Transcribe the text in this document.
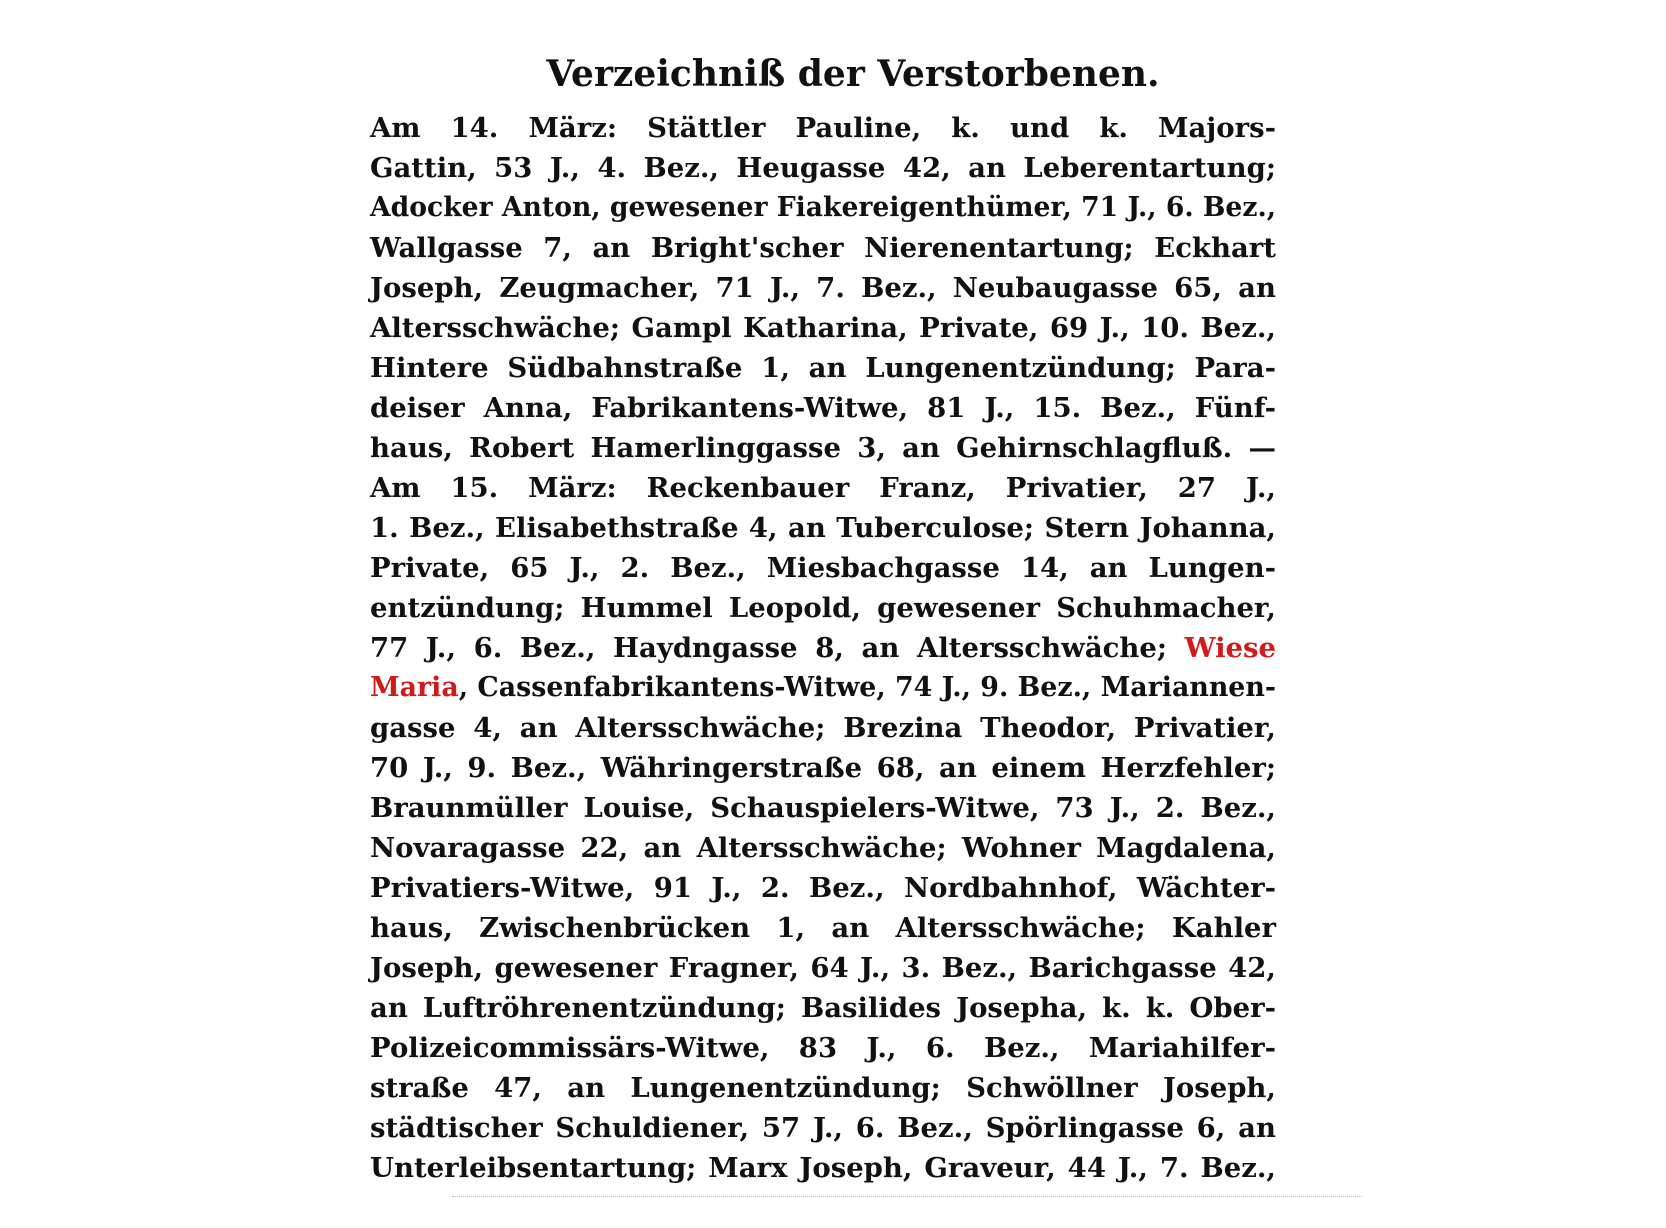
Verzeichniß der Verstorbenen.
Am 14. März: Stättler Pauline, k. und k. Majors-
Gattin, 53 J., 4. Bez., Heugasse 42, an Leberentartung;
Adocker Anton, gewesener Fiakereigenthümer, 71 J., 6. Bez.,
Wallgasse 7, an Bright'scher Nierenentartung; Eckhart
Joseph, Zeugmacher, 71 J., 7. Bez., Neubaugasse 65, an
Altersschwäche; Gampl Katharina, Private, 69 J., 10. Bez.,
Hintere Südbahnstraße 1, an Lungenentzündung; Para-
deiser Anna, Fabrikantens-Witwe, 81 J., 15. Bez., Fünf-
haus, Robert Hamerlinggasse 3, an Gehirnschlagfluß. —
Am 15. März: Reckenbauer Franz, Privatier, 27 J.,
1. Bez., Elisabethstraße 4, an Tuberculose; Stern Johanna,
Private, 65 J., 2. Bez., Miesbachgasse 14, an Lungen-
entzündung; Hummel Leopold, gewesener Schuhmacher,
77 J., 6. Bez., Haydngasse 8, an Altersschwäche; Wiese
Maria, Cassenfabrikantens-Witwe, 74 J., 9. Bez., Mariannen-
gasse 4, an Altersschwäche; Brezina Theodor, Privatier,
70 J., 9. Bez., Währingerstraße 68, an einem Herzfehler;
Braunmüller Louise, Schauspielers-Witwe, 73 J., 2. Bez.,
Novaragasse 22, an Altersschwäche; Wohner Magdalena,
Privatiers-Witwe, 91 J., 2. Bez., Nordbahnhof, Wächter-
haus, Zwischenbrücken 1, an Altersschwäche; Kahler
Joseph, gewesener Fragner, 64 J., 3. Bez., Barichgasse 42,
an Luftröhrenentzündung; Basilides Josepha, k. k. Ober-
Polizeicommissärs-Witwe, 83 J., 6. Bez., Mariahilfer-
straße 47, an Lungenentzündung; Schwöllner Joseph,
städtischer Schuldiener, 57 J., 6. Bez., Spörlingasse 6, an
Unterleibsentartung; Marx Joseph, Graveur, 44 J., 7. Bez.,
